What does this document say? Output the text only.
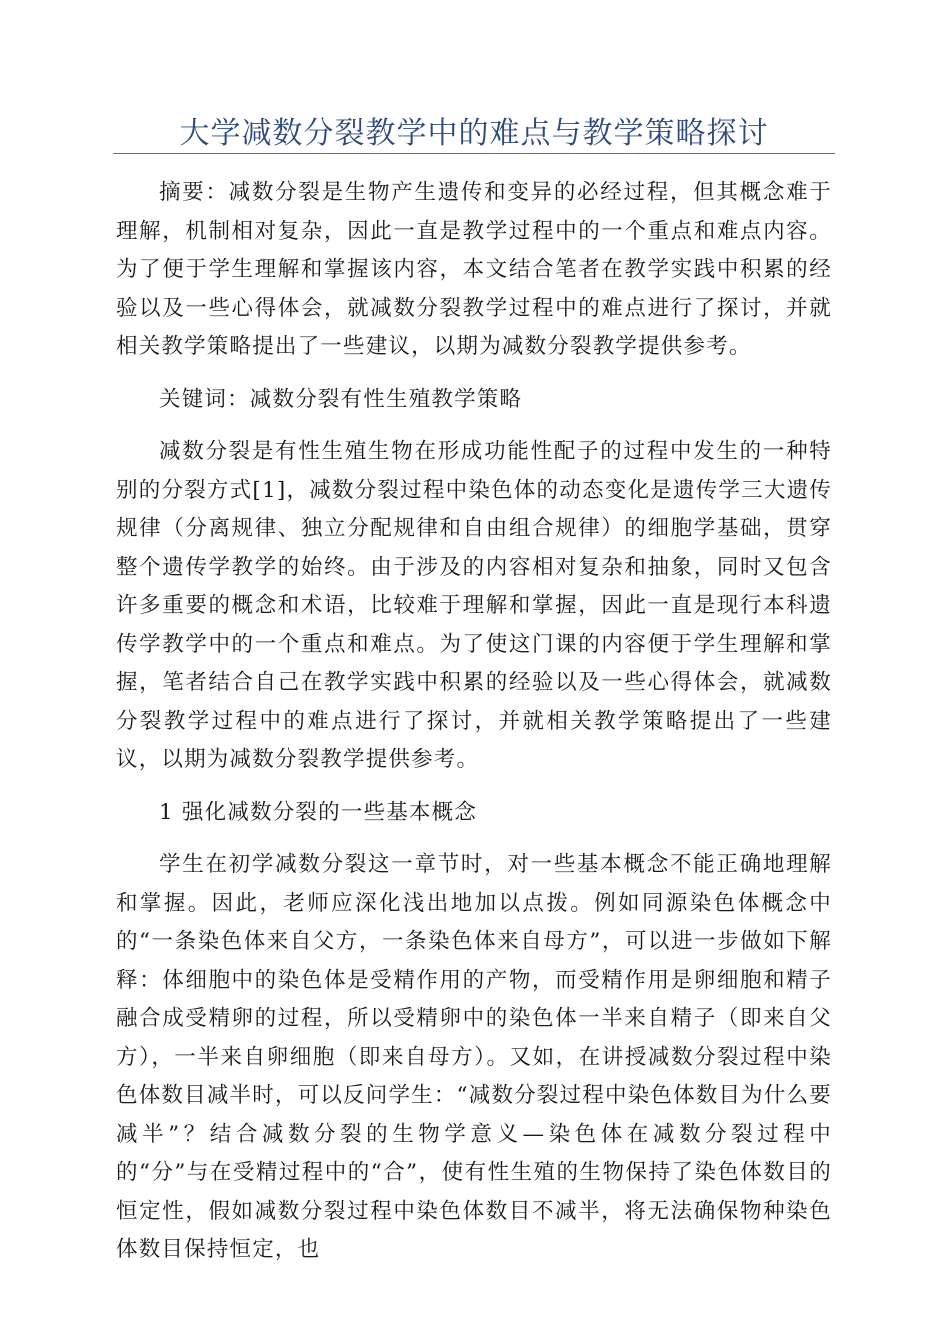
大学减数分裂教学中的难点与教学策略探讨

摘要：减数分裂是生物产生遗传和变异的必经过程，但其概念难于理解，机制相对复杂，因此一直是教学过程中的一个重点和难点内容。为了便于学生理解和掌握该内容，本文结合笔者在教学实践中积累的经验以及一些心得体会，就减数分裂教学过程中的难点进行了探讨，并就相关教学策略提出了一些建议，以期为减数分裂教学提供参考。

关键词：减数分裂有性生殖教学策略

减数分裂是有性生殖生物在形成功能性配子的过程中发生的一种特别的分裂方式[1]，减数分裂过程中染色体的动态变化是遗传学三大遗传规律（分离规律、独立分配规律和自由组合规律）的细胞学基础，贯穿整个遗传学教学的始终。由于涉及的内容相对复杂和抽象，同时又包含许多重要的概念和术语，比较难于理解和掌握，因此一直是现行本科遗传学教学中的一个重点和难点。为了使这门课的内容便于学生理解和掌握，笔者结合自己在教学实践中积累的经验以及一些心得体会，就减数分裂教学过程中的难点进行了探讨，并就相关教学策略提出了一些建议，以期为减数分裂教学提供参考。

1 强化减数分裂的一些基本概念

学生在初学减数分裂这一章节时，对一些基本概念不能正确地理解和掌握。因此，老师应深化浅出地加以点拨。例如同源染色体概念中的“一条染色体来自父方，一条染色体来自母方”，可以进一步做如下解释：体细胞中的染色体是受精作用的产物，而受精作用是卵细胞和精子融合成受精卵的过程，所以受精卵中的染色体一半来自精子（即来自父方），一半来自卵细胞（即来自母方）。又如，在讲授减数分裂过程中染色体数目减半时，可以反问学生：“减数分裂过程中染色体数目为什么要减半”？结合减数分裂的生物学意义—染色体在减数分裂过程中的“分”与在受精过程中的“合”，使有性生殖的生物保持了染色体数目的恒定性，假如减数分裂过程中染色体数目不减半，将无法确保物种染色体数目保持恒定，也
